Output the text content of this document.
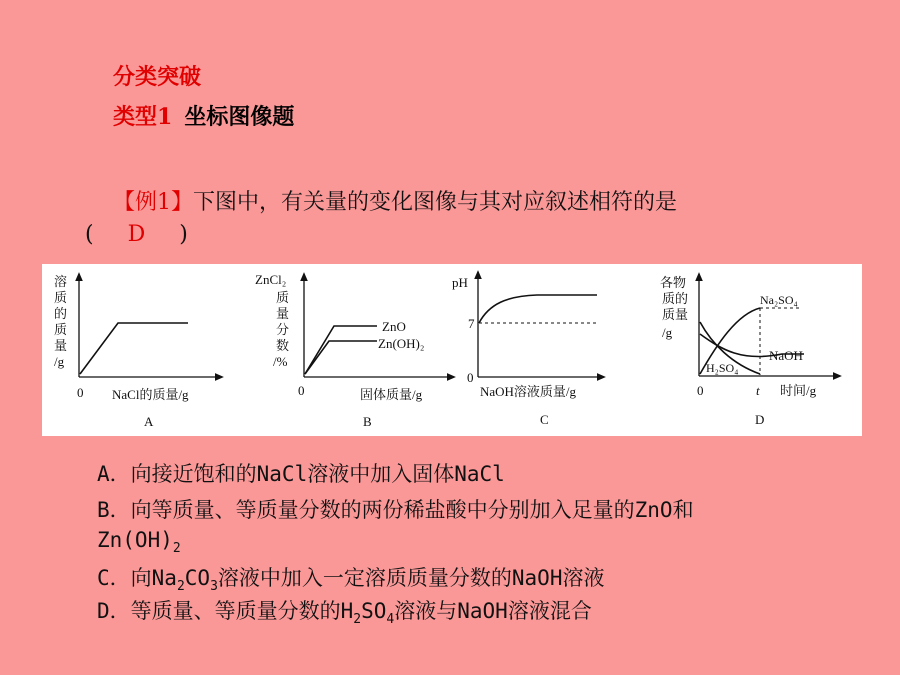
分类突破
类型1 坐标图像题
【例1】下图中，有关量的变化图像与其对应叙述相符的是
( D )
溶
质
的
质
量
/g
0 NaCl的质量/g
A
ZnCl₂
质
量
分
数
/%
ZnO
Zn(OH)₂
0	固体质量/g
B
pH
7
0
NaOH溶液质量/g
C
各物
质的
质量
/g
Na₂SO₄
NaOH
H₂SO₄
0	t 时间/g
D
A．向接近饱和的NaCl溶液中加入固体NaCl
B．向等质量、等质量分数的两份稀盐酸中分别加入足量的ZnO和
$Zn(OH)_2$
C．向$Na_2CO_3$溶液中加入一定溶质质量分数的NaOH溶液
D．等质量、等质量分数的$H_2SO_4$溶液与NaOH溶液混合
